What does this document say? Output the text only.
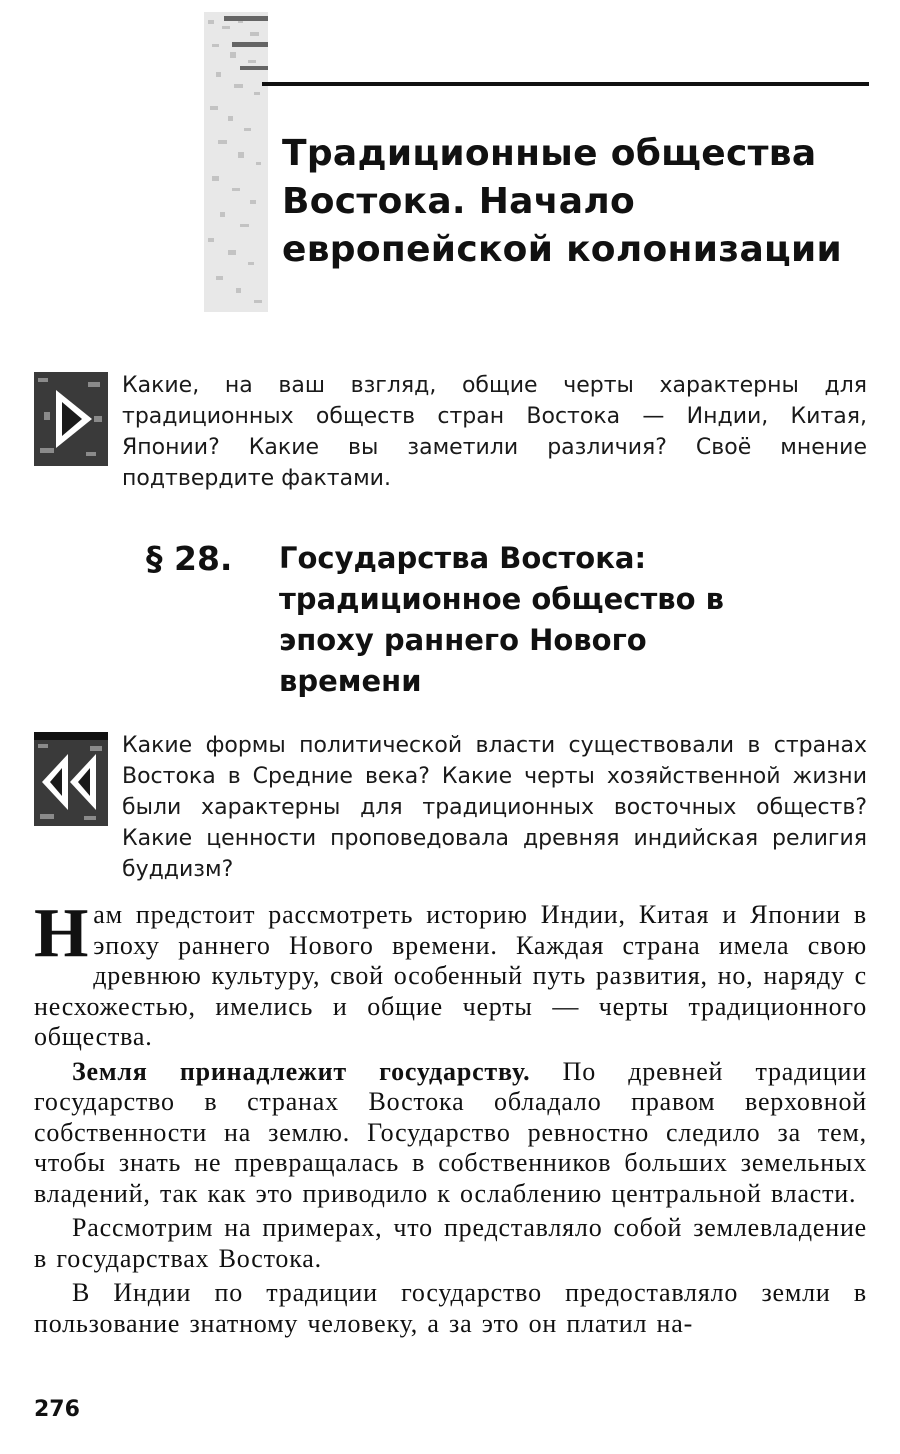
Традиционные общества Востока. Начало европейской колонизации
Какие, на ваш взгляд, общие черты характерны для традиционных обществ стран Востока — Индии, Китая, Японии? Какие вы заметили различия? Своё мнение подтвердите фактами.
§ 28. Государства Востока: традиционное общество в эпоху раннего Нового времени
Какие формы политической власти существовали в странах Востока в Средние века? Какие черты хозяйственной жизни были характерны для традиционных восточных обществ? Какие ценности проповедовала древняя индийская религия буддизм?

Нам предстоит рассмотреть историю Индии, Китая и Японии в эпоху раннего Нового времени. Каждая страна имела свою древнюю культуру, свой особенный путь развития, но, наряду с несхожестью, имелись и общие черты — черты традиционного общества.

Земля принадлежит государству. По древней традиции государство в странах Востока обладало правом верховной собственности на землю. Государство ревностно следило за тем, чтобы знать не превращалась в собственников больших земельных владений, так как это приводило к ослаблению центральной власти.

Рассмотрим на примерах, что представляло собой землевладение в государствах Востока.

В Индии по традиции государство предоставляло земли в пользование знатному человеку, а за это он платил на-

276
